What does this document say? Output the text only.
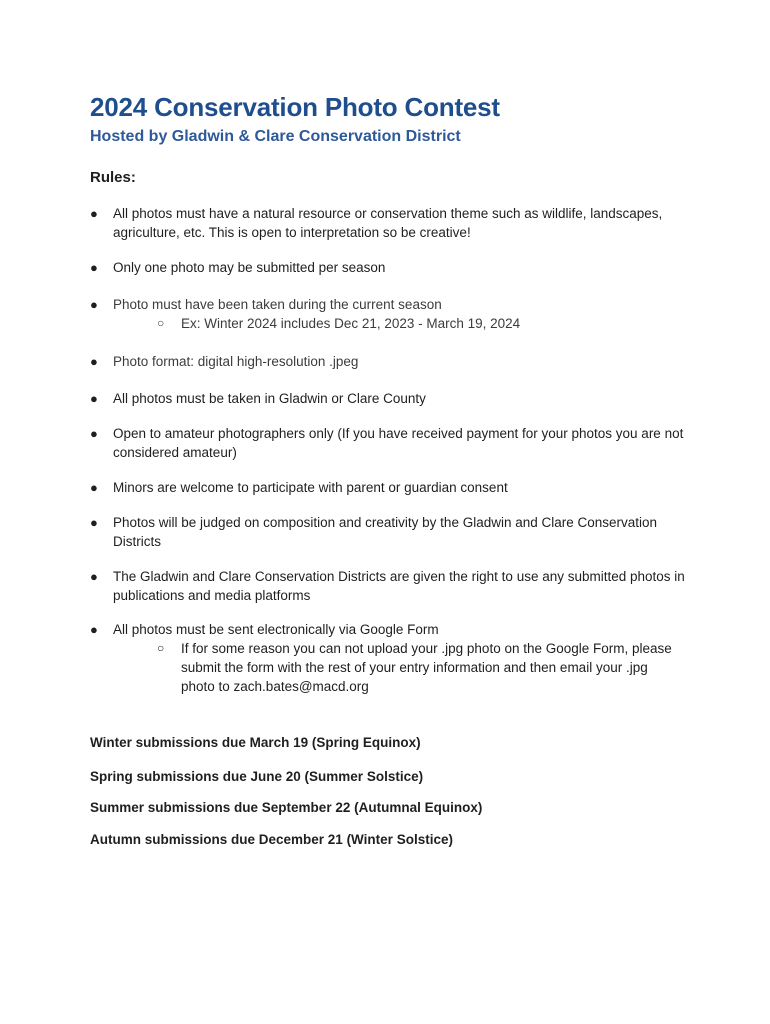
2024 Conservation Photo Contest
Hosted by Gladwin & Clare Conservation District
Rules:
● All photos must have a natural resource or conservation theme such as wildlife, landscapes, agriculture, etc. This is open to interpretation so be creative!
● Only one photo may be submitted per season
● Photo must have been taken during the current season
○ Ex: Winter 2024 includes Dec 21, 2023 - March 19, 2024
● Photo format: digital high-resolution .jpeg
● All photos must be taken in Gladwin or Clare County
● Open to amateur photographers only (If you have received payment for your photos you are not considered amateur)
● Minors are welcome to participate with parent or guardian consent
● Photos will be judged on composition and creativity by the Gladwin and Clare Conservation Districts
● The Gladwin and Clare Conservation Districts are given the right to use any submitted photos in publications and media platforms
● All photos must be sent electronically via Google Form
○ If for some reason you can not upload your .jpg photo on the Google Form, please submit the form with the rest of your entry information and then email your .jpg photo to zach.bates@macd.org
Winter submissions due March 19 (Spring Equinox)
Spring submissions due June 20 (Summer Solstice)
Summer submissions due September 22 (Autumnal Equinox)
Autumn submissions due December 21 (Winter Solstice)
